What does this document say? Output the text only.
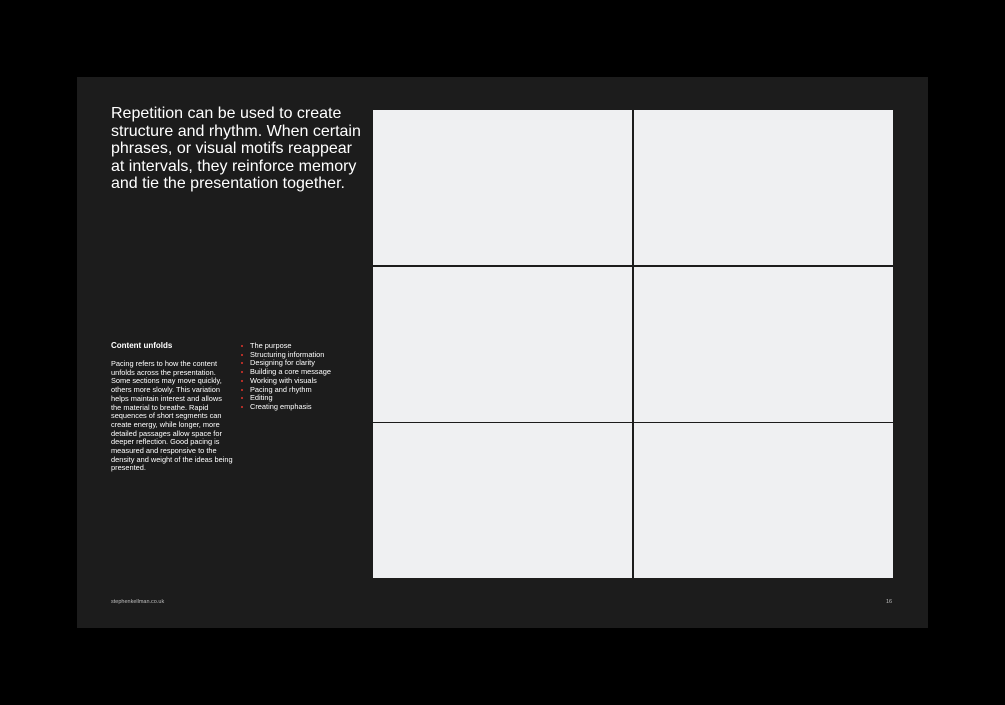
Repetition can be used to create structure and rhythm. When certain phrases, or visual motifs reappear at intervals, they reinforce memory and tie the presentation together.

Content unfolds

Pacing refers to how the content unfolds across the presentation. Some sections may move quickly, others more slowly. This variation helps maintain interest and allows the material to breathe. Rapid sequences of short segments can create energy, while longer, more detailed passages allow space for deeper reflection. Good pacing is measured and responsive to the density and weight of the ideas being presented.

The purpose
Structuring information
Designing for clarity
Building a core message
Working with visuals
Pacing and rhythm
Editing
Creating emphasis
stephenkellman.co.uk	16
